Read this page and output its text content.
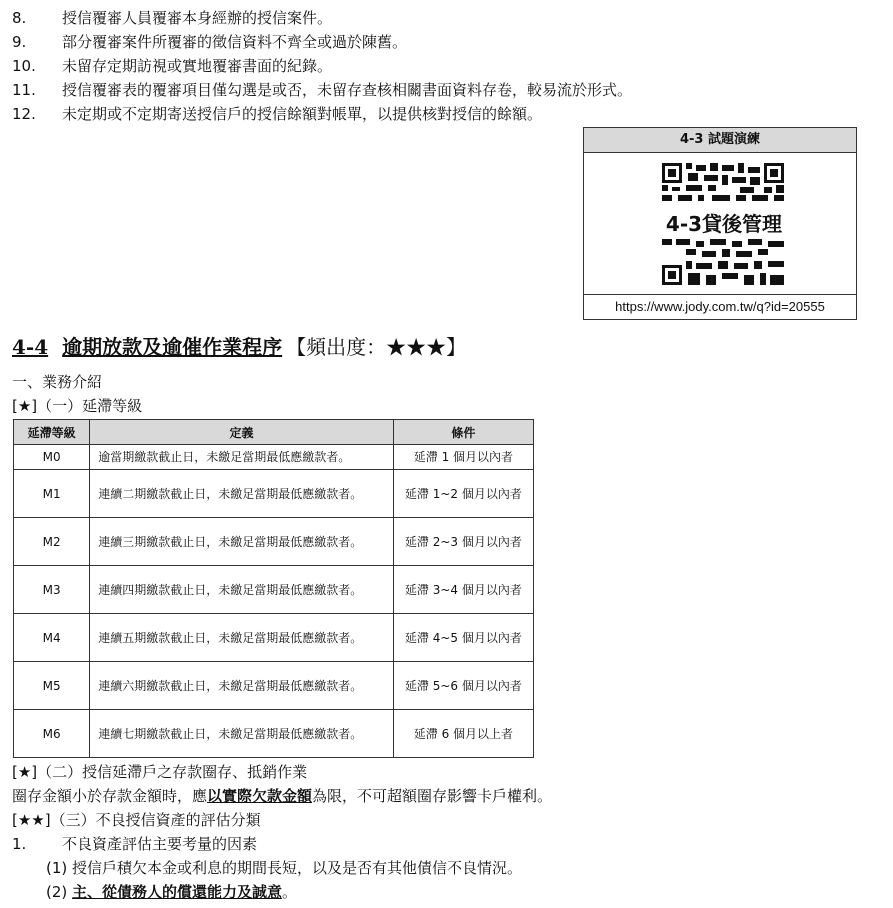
8. 授信覆審人員覆審本身經辦的授信案件。
9. 部分覆審案件所覆審的徵信資料不齊全或過於陳舊。
10. 未留存定期訪視或實地覆審書面的紀錄。
11. 授信覆審表的覆審項目僅勾選是或否，未留存查核相關書面資料存卷，較易流於形式。
12. 未定期或不定期寄送授信戶的授信餘額對帳單，以提供核對授信的餘額。
4-3 試題演練
4-3貸後管理
https://www.jody.com.tw/q?id=20555
4-4 逾期放款及逾催作業程序 【頻出度：★★★】
一、業務介紹
[★]（一）延滯等級
延滯等級	定義	條件
M0	逾當期繳款截止日，未繳足當期最低應繳款者。	延滯 1 個月以內者
M1	連續二期繳款截止日，未繳足當期最低應繳款者。	延滯 1~2 個月以內者
M2	連續三期繳款截止日，未繳足當期最低應繳款者。	延滯 2~3 個月以內者
M3	連續四期繳款截止日，未繳足當期最低應繳款者。	延滯 3~4 個月以內者
M4	連續五期繳款截止日，未繳足當期最低應繳款者。	延滯 4~5 個月以內者
M5	連續六期繳款截止日，未繳足當期最低應繳款者。	延滯 5~6 個月以內者
M6	連續七期繳款截止日，未繳足當期最低應繳款者。	延滯 6 個月以上者
[★]（二）授信延滯戶之存款圈存、抵銷作業
圈存金額小於存款金額時，應以實際欠款金額為限，不可超額圈存影響卡戶權利。
[★★]（三）不良授信資產的評估分類
1. 不良資產評估主要考量的因素
(1) 授信戶積欠本金或利息的期間長短，以及是否有其他債信不良情況。
(2) 主、從債務人的償還能力及誠意。
